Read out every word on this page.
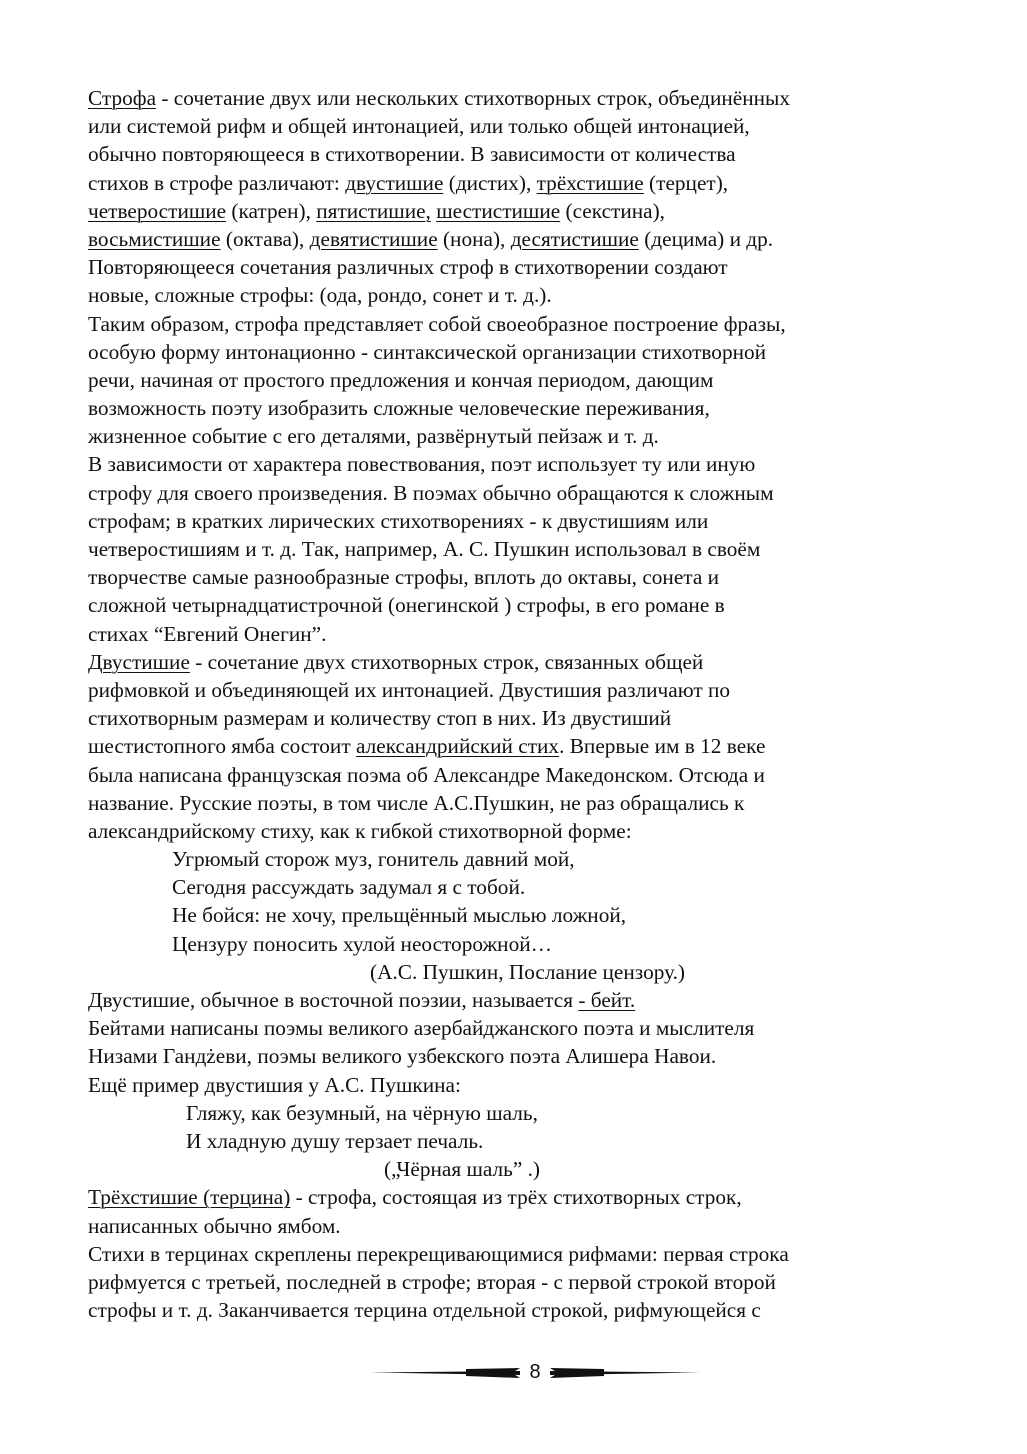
Строфа - сочетание двух или нескольких стихотворных строк, объединённых
или системой рифм и общей интонацией, или только общей интонацией,
обычно повторяющееся в стихотворении. В зависимости от количества
стихов в строфе различают: двустишие (дистих), трёхстишие (терцет),
четверостишие (катрен), пятистишие, шестистишие (секстина),
восьмистишие (октава), девятистишие (нона), десятистишие (децима) и др.
Повторяющееся сочетания различных строф в стихотворении создают
новые, сложные строфы: (ода, рондо, сонет и т. д.).
Таким образом, строфа представляет собой своеобразное построение фразы,
особую форму интонационно - синтаксической организации стихотворной
речи, начиная от простого предложения и кончая периодом, дающим
возможность поэту изобразить сложные человеческие переживания,
жизненное событие с его деталями, развёрнутый пейзаж и т. д.
В зависимости от характера повествования, поэт использует ту или иную
строфу для своего произведения. В поэмах обычно обращаются к сложным
строфам; в кратких лирических стихотворениях - к двустишиям или
четверостишиям и т. д. Так, например, А. С. Пушкин использовал в своём
творчестве самые разнообразные строфы, вплоть до октавы, сонета и
сложной четырнадцатистрочной (онегинской ) строфы, в его романе в
стихах “Евгений Онегин”.
Двустишие - сочетание двух стихотворных строк, связанных общей
рифмовкой и объединяющей их интонацией. Двустишия различают по
стихотворным размерам и количеству стоп в них. Из двустиший
шестистопного ямба состоит александрийский стих. Впервые им в 12 веке
была написана французская поэма об Александре Македонском. Отсюда и
название. Русские поэты, в том числе А.С.Пушкин, не раз обращались к
александрийскому стиху, как к гибкой стихотворной форме:
Угрюмый сторож муз, гонитель давний мой,
Сегодня рассуждать задумал я с тобой.
Не бойся: не хочу, прельщённый мыслью ложной,
Цензуру поносить хулой неосторожной…
(А.С. Пушкин, Послание цензору.)
Двустишие, обычное в восточной поэзии, называется - бейт.
Бейтами написаны поэмы великого азербайджанского поэта и мыслителя
Низами Гандżеви, поэмы великого узбекского поэта Алишера Навои.
Ещё пример двустишия у А.С. Пушкина:
Гляжу, как безумный, на чёрную шаль,
И хладную душу терзает печаль.
(„Чёрная шаль” .)
Трёхстишие (терцина) - строфа, состоящая из трёх стихотворных строк,
написанных обычно ямбом.
Стихи в терцинах скреплены перекрещивающимися рифмами: первая строка
рифмуется с третьей, последней в строфе; вторая - с первой строкой второй
строфы и т. д. Заканчивается терцина отдельной строкой, рифмующейся с
8
